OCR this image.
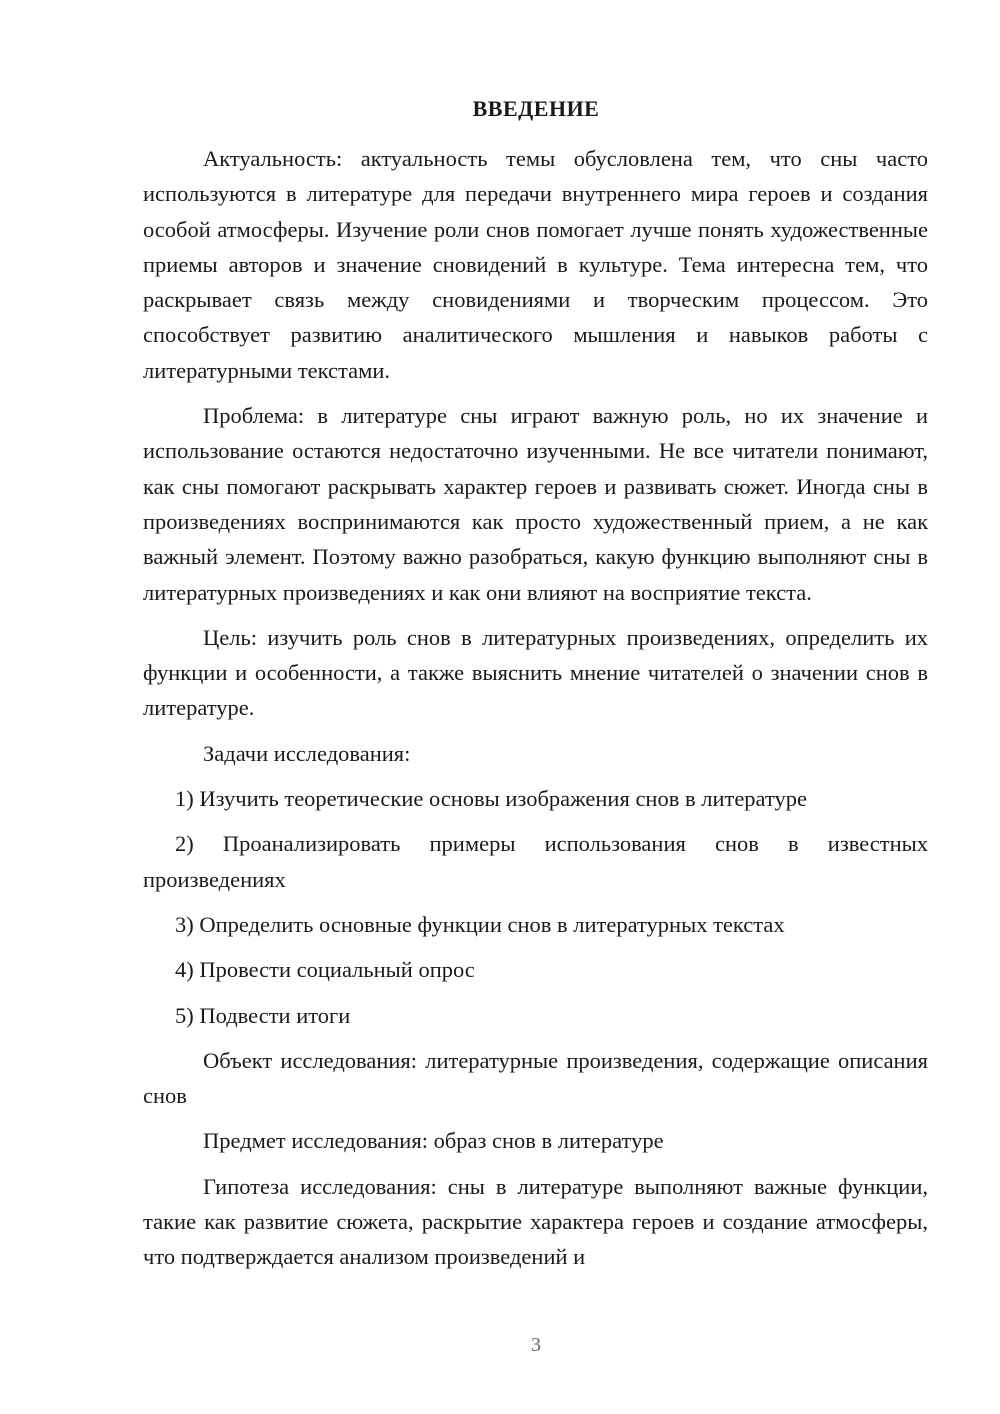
ВВЕДЕНИЕ

Актуальность: актуальность темы обусловлена тем, что сны часто используются в литературе для передачи внутреннего мира героев и создания особой атмосферы. Изучение роли снов помогает лучше понять художественные приемы авторов и значение сновидений в культуре. Тема интересна тем, что раскрывает связь между сновидениями и творческим процессом. Это способствует развитию аналитического мышления и навыков работы с литературными текстами.

Проблема: в литературе сны играют важную роль, но их значение и использование остаются недостаточно изученными. Не все читатели понимают, как сны помогают раскрывать характер героев и развивать сюжет. Иногда сны в произведениях воспринимаются как просто художественный прием, а не как важный элемент. Поэтому важно разобраться, какую функцию выполняют сны в литературных произведениях и как они влияют на восприятие текста.

Цель: изучить роль снов в литературных произведениях, определить их функции и особенности, а также выяснить мнение читателей о значении снов в литературе.

Задачи исследования:

1) Изучить теоретические основы изображения снов в литературе

2) Проанализировать примеры использования снов в известных произведениях

3) Определить основные функции снов в литературных текстах

4) Провести социальный опрос

5) Подвести итоги

Объект исследования: литературные произведения, содержащие описания снов

Предмет исследования: образ снов в литературе

Гипотеза исследования: сны в литературе выполняют важные функции, такие как развитие сюжета, раскрытие характера героев и создание атмосферы, что подтверждается анализом произведений и

3
